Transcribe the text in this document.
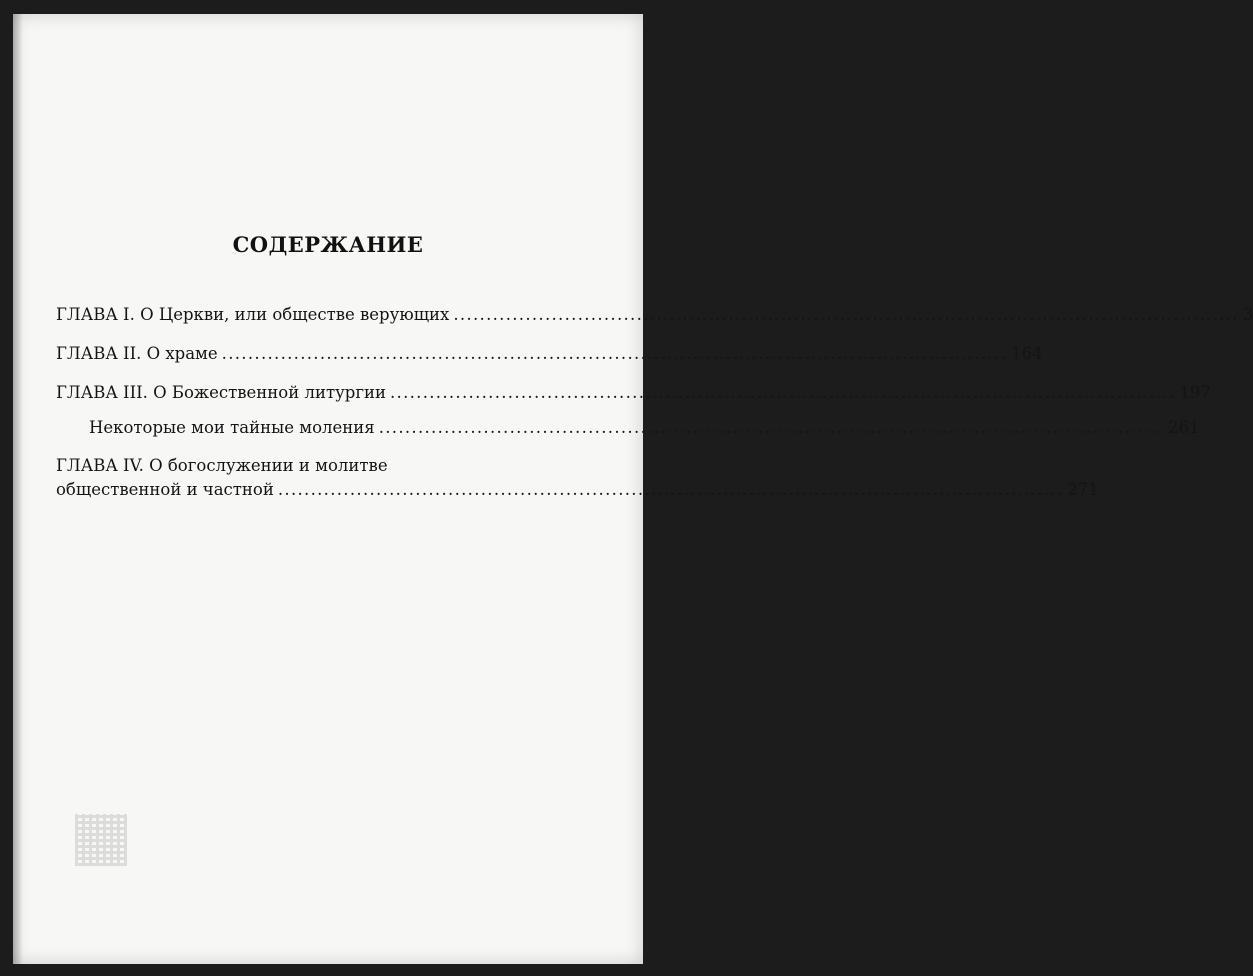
СОДЕРЖАНИЕ
ГЛАВА I. О Церкви, или обществе верующих ........................................................................................................................ 3
ГЛАВА II. О храме ........................................................................................................................ 164
ГЛАВА III. О Божественной литургии ........................................................................................................................ 197
Некоторые мои тайные моления ........................................................................................................................ 261
ГЛАВА IV. О богослужении и молитве
общественной и частной ........................................................................................................................ 271
